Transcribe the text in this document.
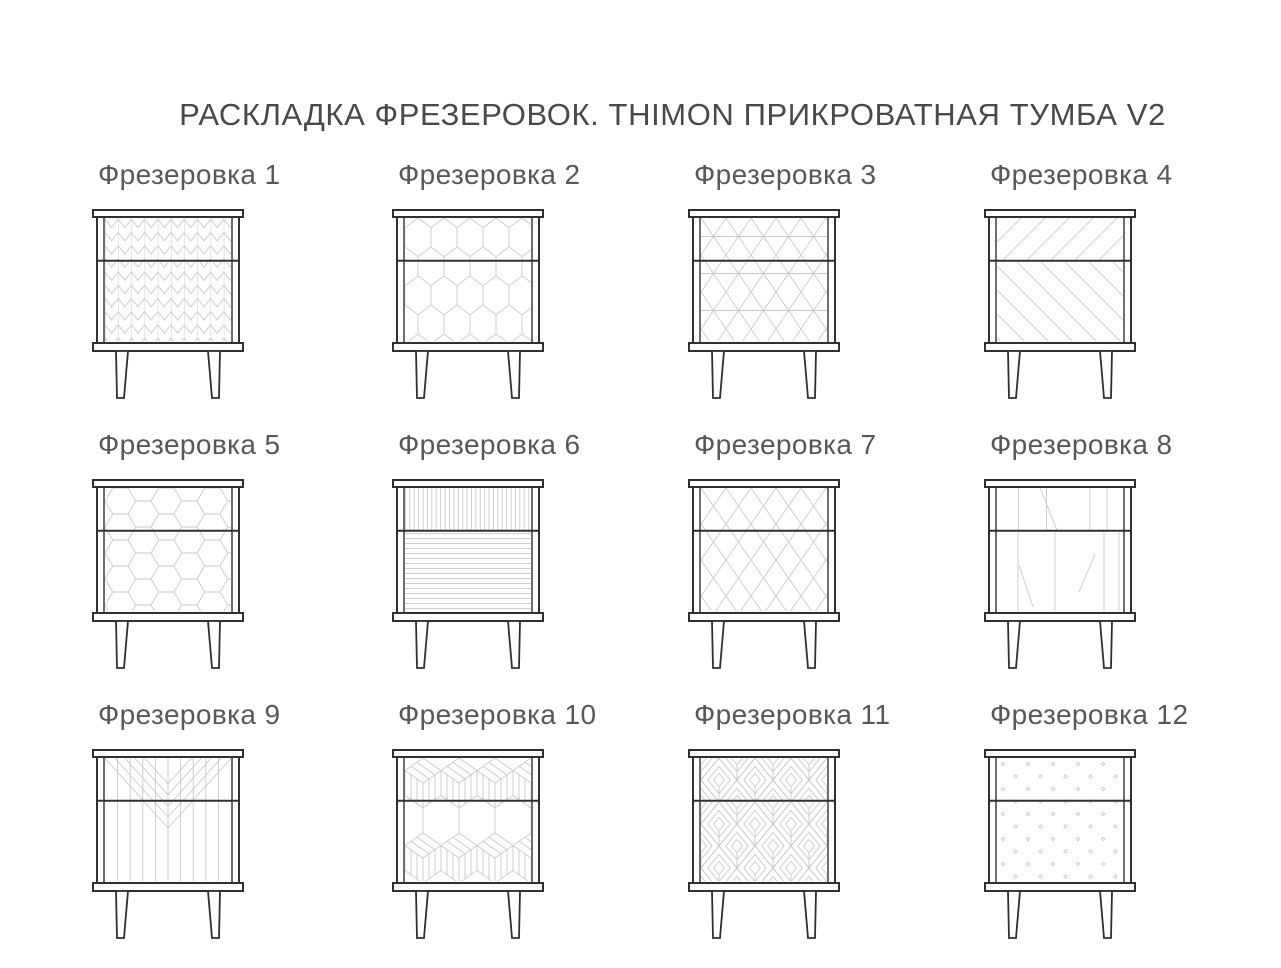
РАСКЛАДКА ФРЕЗЕРОВОК. THIMON ПРИКРОВАТНАЯ ТУМБА V2
Фрезеровка 1	Фрезеровка 2	Фрезеровка 3	Фрезеровка 4
Фрезеровка 5	Фрезеровка 6	Фрезеровка 7	Фрезеровка 8
Фрезеровка 9	Фрезеровка 10	Фрезеровка 11	Фрезеровка 12
